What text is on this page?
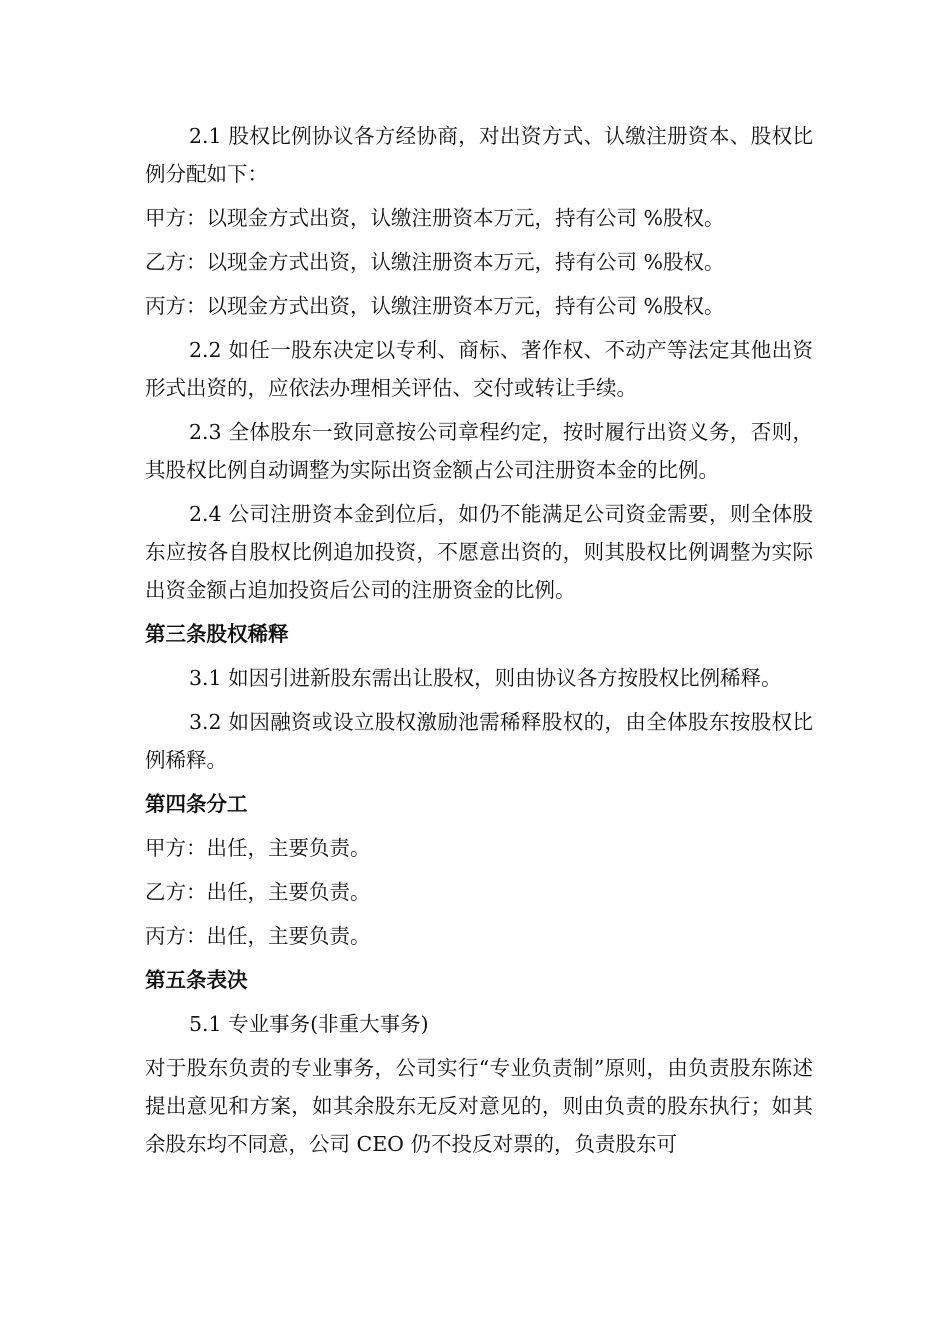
2.1 股权比例协议各方经协商，对出资方式、认缴注册资本、股权比例分配如下：

甲方：以现金方式出资，认缴注册资本万元，持有公司 %股权。

乙方：以现金方式出资，认缴注册资本万元，持有公司 %股权。

丙方：以现金方式出资，认缴注册资本万元，持有公司 %股权。

2.2 如任一股东决定以专利、商标、著作权、不动产等法定其他出资形式出资的，应依法办理相关评估、交付或转让手续。

2.3 全体股东一致同意按公司章程约定，按时履行出资义务，否则，其股权比例自动调整为实际出资金额占公司注册资本金的比例。

2.4 公司注册资本金到位后，如仍不能满足公司资金需要，则全体股东应按各自股权比例追加投资，不愿意出资的，则其股权比例调整为实际出资金额占追加投资后公司的注册资金的比例。

第三条股权稀释

3.1 如因引进新股东需出让股权，则由协议各方按股权比例稀释。

3.2 如因融资或设立股权激励池需稀释股权的，由全体股东按股权比例稀释。

第四条分工

甲方：出任，主要负责。

乙方：出任，主要负责。

丙方：出任，主要负责。

第五条表决

5.1 专业事务(非重大事务)

对于股东负责的专业事务，公司实行“专业负责制”原则，由负责股东陈述提出意见和方案，如其余股东无反对意见的，则由负责的股东执行；如其余股东均不同意，公司 CEO 仍不投反对票的，负责股东可
